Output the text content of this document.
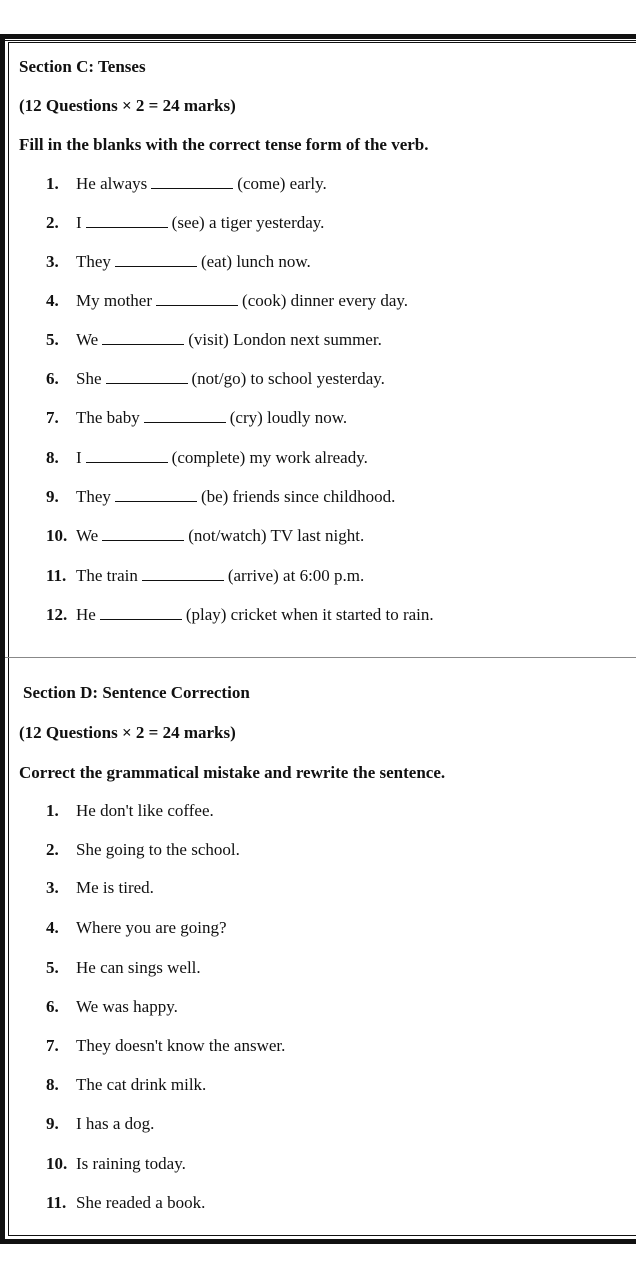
Section C: Tenses
(12 Questions × 2 = 24 marks)
Fill in the blanks with the correct tense form of the verb.
1. He always	(come) early.
2. I	(see) a tiger yesterday.
3. They	(eat) lunch now.
4. My mother	(cook) dinner every day.
5. We	(visit) London next summer.
6. She	(not/go) to school yesterday.
7. The baby	(cry) loudly now.
8. I	(complete) my work already.
9. They	(be) friends since childhood.
10. We	(not/watch) TV last night.
11. The train	(arrive) at 6:00 p.m.
12. He	(play) cricket when it started to rain.
Section D: Sentence Correction
(12 Questions × 2 = 24 marks)
Correct the grammatical mistake and rewrite the sentence.
1. He don't like coffee.
2. She going to the school.
3. Me is tired.
4. Where you are going?
5. He can sings well.
6. We was happy.
7. They doesn't know the answer.
8. The cat drink milk.
9. I has a dog.
10. Is raining today.
11. She readed a book.
